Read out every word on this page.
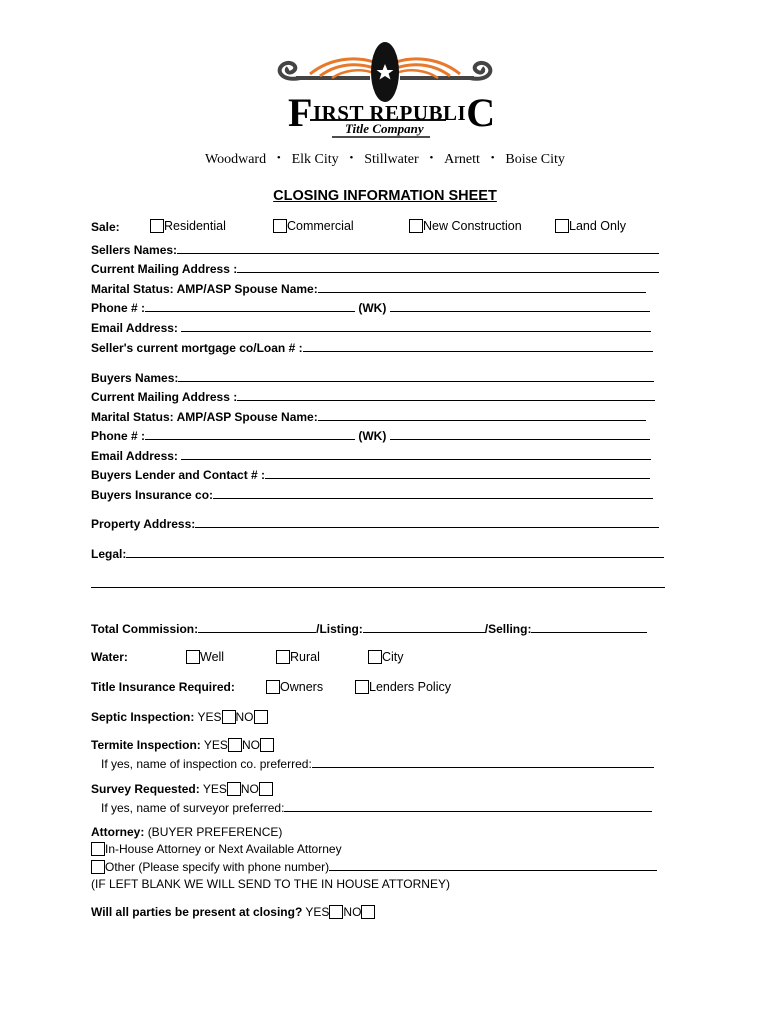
FIRST REPUBLIC
Title Company
Woodward • Elk City • Stillwater • Arnett • Boise City
CLOSING INFORMATION SHEET
Sale:	Residential	Commercial	New Construction	Land Only
Sellers Names:
Current Mailing Address :
Marital Status: AMP/ASP Spouse Name:
Phone # :	(WK)
Email Address:
Seller's current mortgage co/Loan # :
Buyers Names:
Current Mailing Address :
Marital Status: AMP/ASP Spouse Name:
Phone # :	(WK)
Email Address:
Buyers Lender and Contact # :
Buyers Insurance co:
Property Address:
Legal:
Total Commission:	/Listing:	/Selling:
Water:	Well	Rural	City
Title Insurance Required:	Owners	Lenders Policy
Septic Inspection: YES NO
Termite Inspection: YES NO
If yes, name of inspection co. preferred:
Survey Requested: YES NO
If yes, name of surveyor preferred:
Attorney: (BUYER PREFERENCE)
In-House Attorney or Next Available Attorney
Other (Please specify with phone number)
(IF LEFT BLANK WE WILL SEND TO THE IN HOUSE ATTORNEY)
Will all parties be present at closing? YES NO
